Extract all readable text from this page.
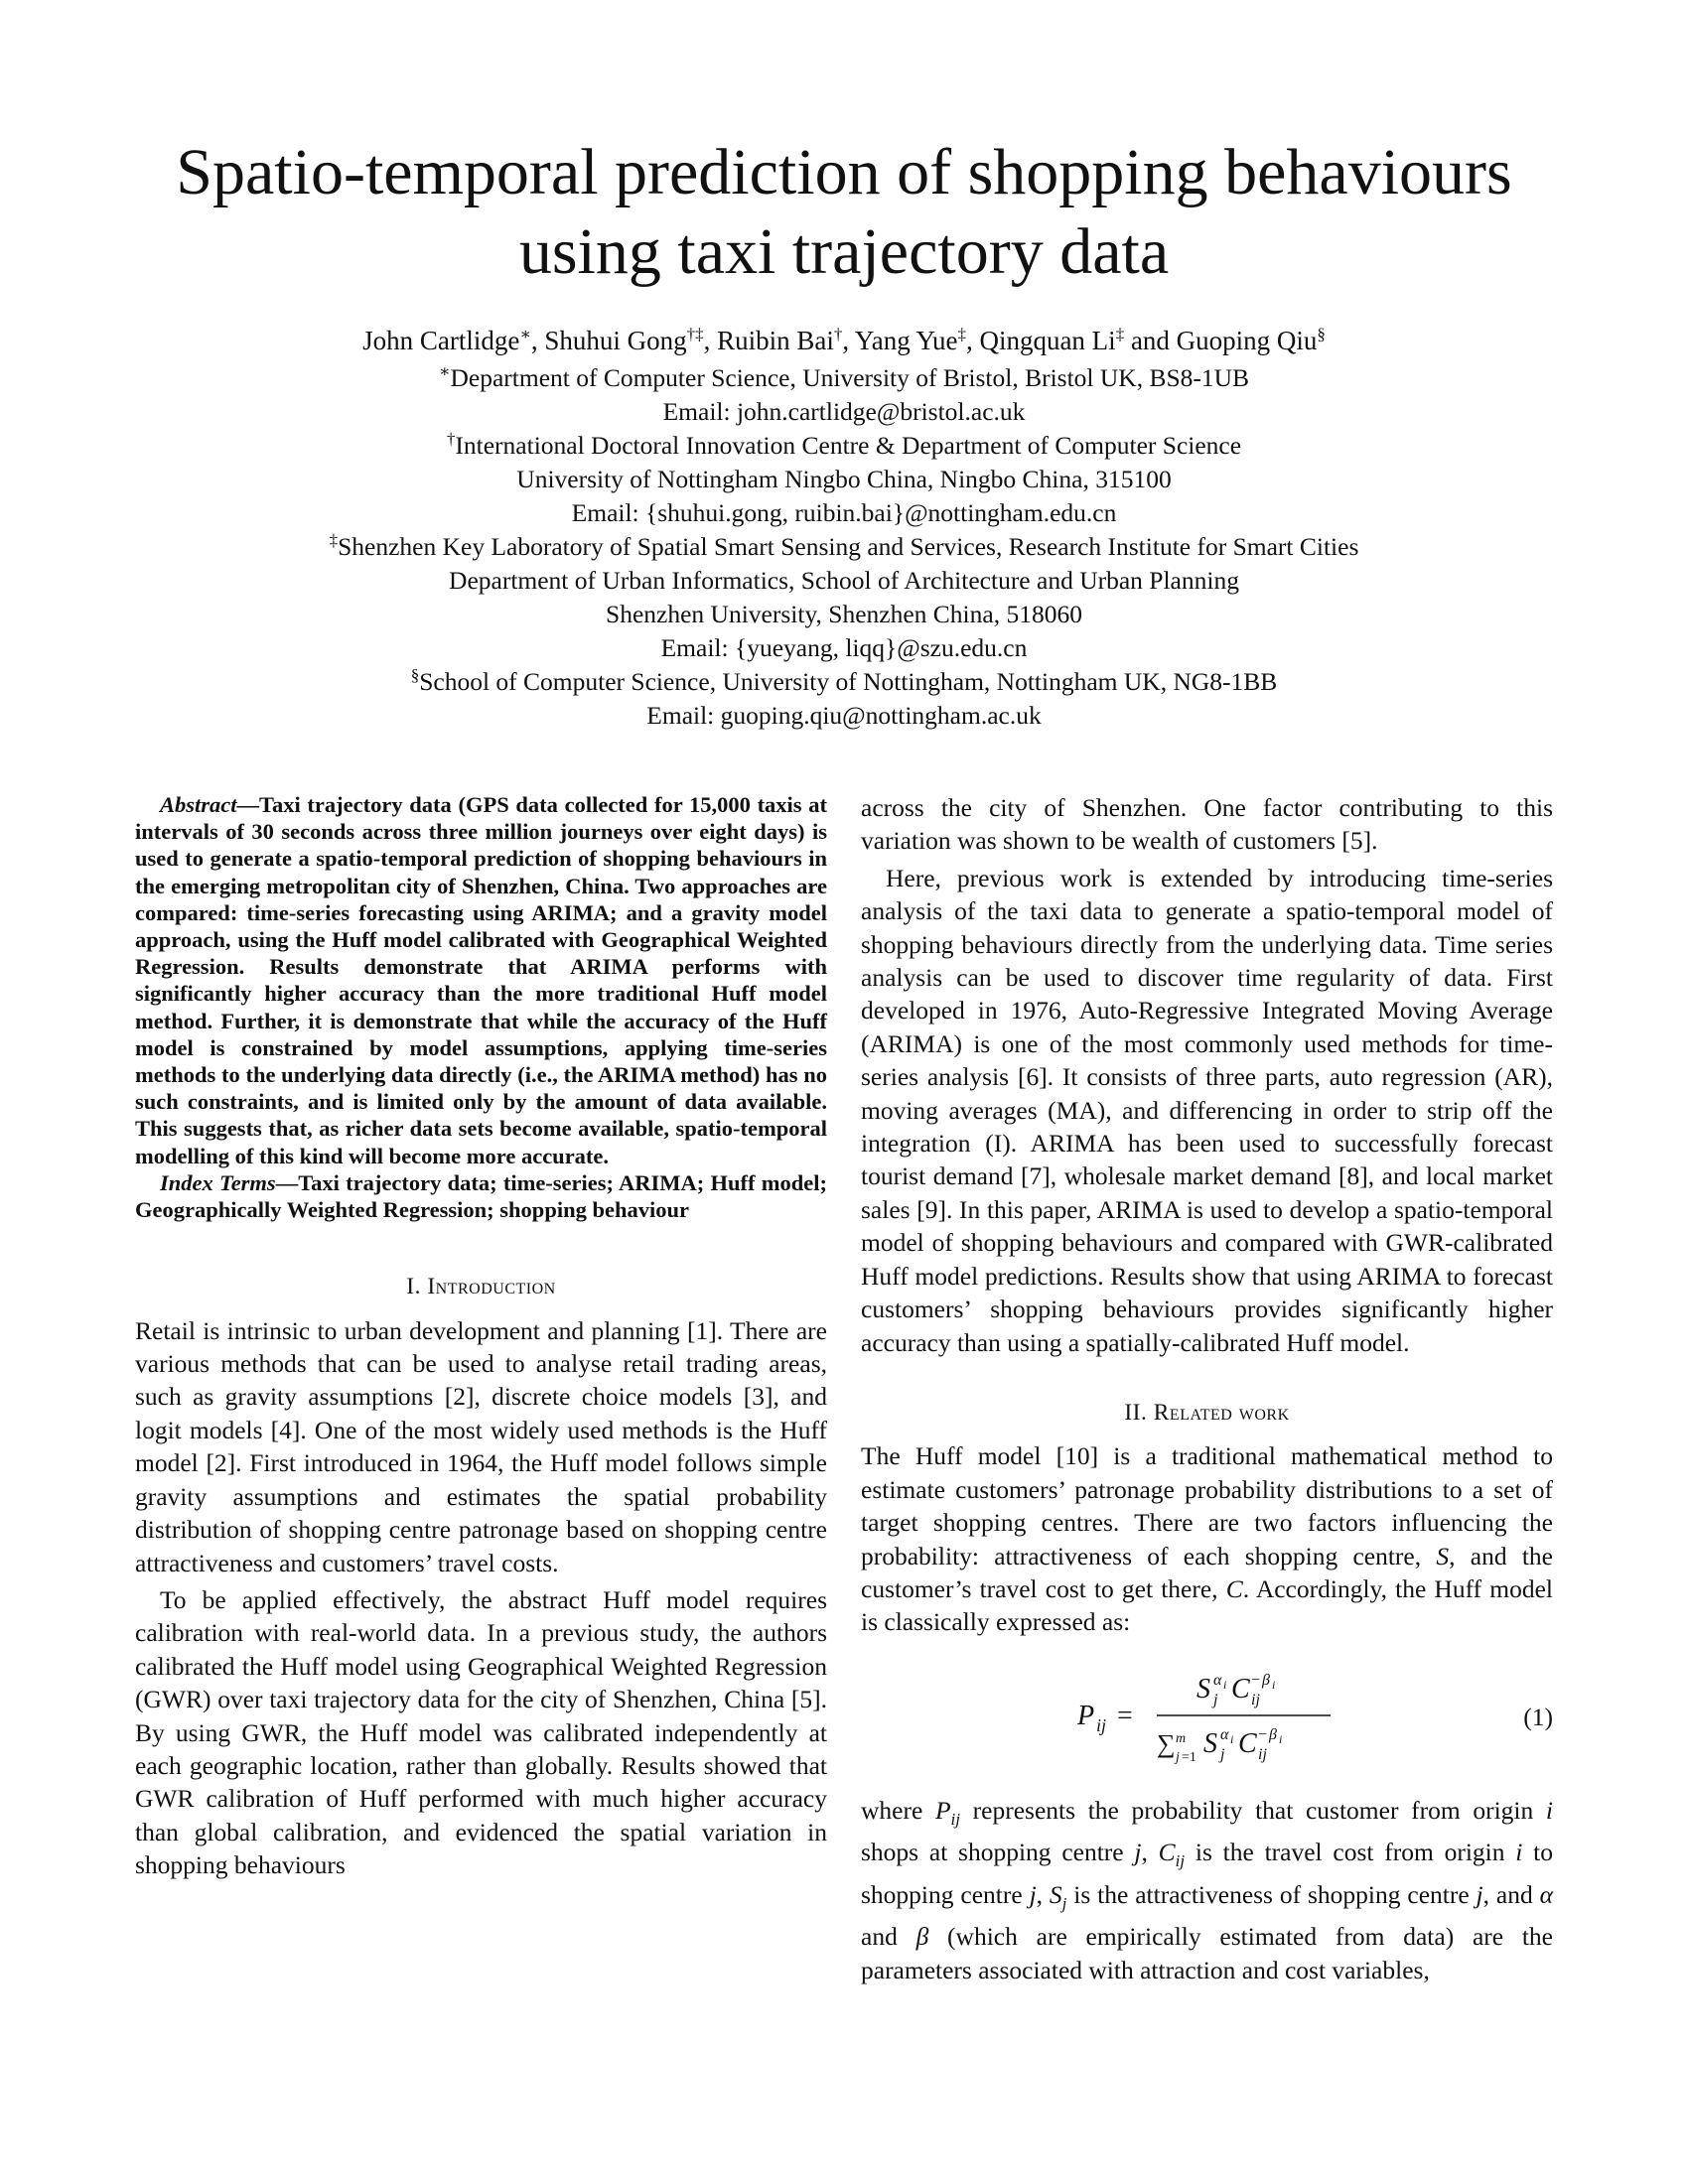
Spatio-temporal prediction of shopping behaviours using taxi trajectory data
John Cartlidge∗, Shuhui Gong†‡, Ruibin Bai†, Yang Yue‡, Qingquan Li‡ and Guoping Qiu§
∗Department of Computer Science, University of Bristol, Bristol UK, BS8-1UB
Email: john.cartlidge@bristol.ac.uk
†International Doctoral Innovation Centre & Department of Computer Science
University of Nottingham Ningbo China, Ningbo China, 315100
Email: {shuhui.gong, ruibin.bai}@nottingham.edu.cn
‡Shenzhen Key Laboratory of Spatial Smart Sensing and Services, Research Institute for Smart Cities
Department of Urban Informatics, School of Architecture and Urban Planning
Shenzhen University, Shenzhen China, 518060
Email: {yueyang, liqq}@szu.edu.cn
§School of Computer Science, University of Nottingham, Nottingham UK, NG8-1BB
Email: guoping.qiu@nottingham.ac.uk

Abstract—Taxi trajectory data (GPS data collected for 15,000 taxis at intervals of 30 seconds across three million journeys over eight days) is used to generate a spatio-temporal prediction of shopping behaviours in the emerging metropolitan city of Shenzhen, China. Two approaches are compared: time-series forecasting using ARIMA; and a gravity model approach, using the Huff model calibrated with Geographical Weighted Regression. Results demonstrate that ARIMA performs with significantly higher accuracy than the more traditional Huff model method. Further, it is demonstrate that while the accuracy of the Huff model is constrained by model assumptions, applying time-series methods to the underlying data directly (i.e., the ARIMA method) has no such constraints, and is limited only by the amount of data available. This suggests that, as richer data sets become available, spatio-temporal modelling of this kind will become more accurate.

Index Terms—Taxi trajectory data; time-series; ARIMA; Huff model; Geographically Weighted Regression; shopping behaviour

I. Introduction

Retail is intrinsic to urban development and planning [1]. There are various methods that can be used to analyse retail trading areas, such as gravity assumptions [2], discrete choice models [3], and logit models [4]. One of the most widely used methods is the Huff model [2]. First introduced in 1964, the Huff model follows simple gravity assumptions and estimates the spatial probability distribution of shopping centre patronage based on shopping centre attractiveness and customers’ travel costs.

To be applied effectively, the abstract Huff model requires calibration with real-world data. In a previous study, the authors calibrated the Huff model using Geographical Weighted Regression (GWR) over taxi trajectory data for the city of Shenzhen, China [5]. By using GWR, the Huff model was calibrated independently at each geographic location, rather than globally. Results showed that GWR calibration of Huff performed with much higher accuracy than global calibration, and evidenced the spatial variation in shopping behaviours

across the city of Shenzhen. One factor contributing to this variation was shown to be wealth of customers [5].

Here, previous work is extended by introducing time-series analysis of the taxi data to generate a spatio-temporal model of shopping behaviours directly from the underlying data. Time series analysis can be used to discover time regularity of data. First developed in 1976, Auto-Regressive Integrated Moving Average (ARIMA) is one of the most commonly used methods for time-series analysis [6]. It consists of three parts, auto regression (AR), moving averages (MA), and differencing in order to strip off the integration (I). ARIMA has been used to successfully forecast tourist demand [7], wholesale market demand [8], and local market sales [9]. In this paper, ARIMA is used to develop a spatio-temporal model of shopping behaviours and compared with GWR-calibrated Huff model predictions. Results show that using ARIMA to forecast customers’ shopping behaviours provides significantly higher accuracy than using a spatially-calibrated Huff model.

II. Related work

The Huff model [10] is a traditional mathematical method to estimate customers’ patronage probability distributions to a set of target shopping centres. There are two factors influencing the probability: attractiveness of each shopping centre, S, and the customer’s travel cost to get there, C. Accordingly, the Huff model is classically expressed as:

P ij =
S α i
j C − β i
ij
∑ m
j =1 S α i
j C − β i
ij
(1)

where $P_{ij}$ represents the probability that customer from origin i shops at shopping centre j, $C_{ij}$ is the travel cost from origin i to shopping centre j, $S_j$ is the attractiveness of shopping centre j, and α and β (which are empirically estimated from data) are the parameters associated with attraction and cost variables,
